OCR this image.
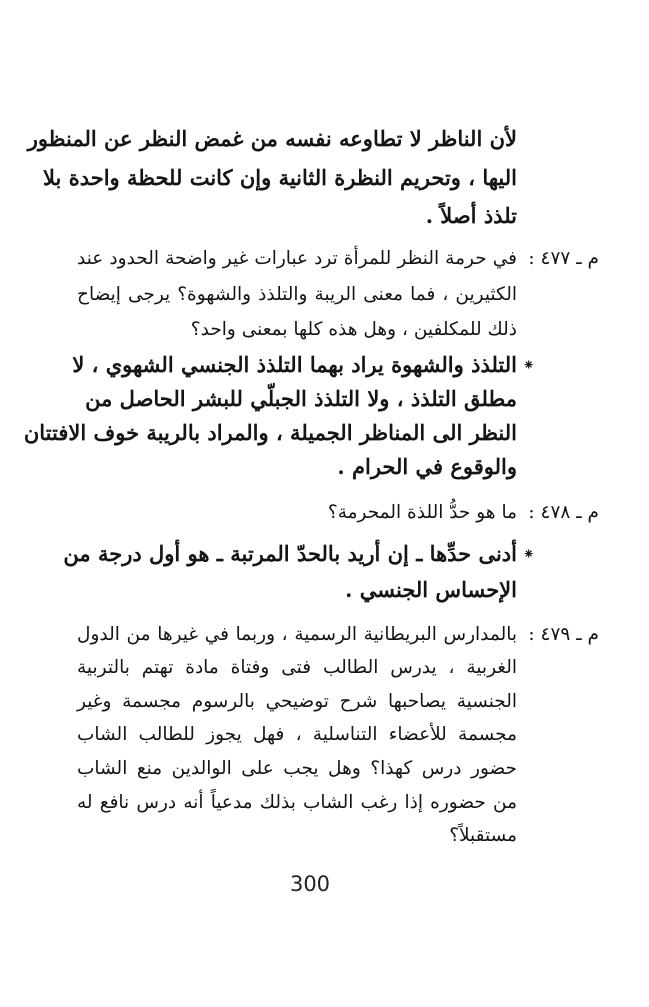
لأن الناظر لا تطاوعه نفسه من غمض النظر عن المنظور
اليها ، وتحريم النظرة الثانية وإن كانت للحظة واحدة بلا
تلذذ أصلاً .
م ـ ٤٧٧ :
في حرمة النظر للمرأة ترد عبارات غير واضحة الحدود عند
الكثيرين ، فما معنى الريبة والتلذذ والشهوة؟ يرجى إيضاح
ذلك للمكلفين ، وهل هذه كلها بمعنى واحد؟
⁕
التلذذ والشهوة يراد بهما التلذذ الجنسي الشهوي ، لا
مطلق التلذذ ، ولا التلذذ الجبلّي للبشر الحاصل من
النظر الى المناظر الجميلة ، والمراد بالريبة خوف الافتتان
والوقوع في الحرام .
م ـ ٤٧٨ :
ما هو حدُّ اللذة المحرمة؟
⁕
أدنى حدِّها ـ إن أريد بالحدّ المرتبة ـ هو أول درجة من
الإحساس الجنسي .
م ـ ٤٧٩ :
بالمدارس البريطانية الرسمية ، وربما في غيرها من الدول
الغربية ، يدرس الطالب فتى وفتاة مادة تهتم بالتربية
الجنسية يصاحبها شرح توضيحي بالرسوم مجسمة وغير
مجسمة للأعضاء التناسلية ، فهل يجوز للطالب الشاب
حضور درس كهذا؟ وهل يجب على الوالدين منع الشاب
من حضوره إذا رغب الشاب بذلك مدعياً أنه درس نافع له
مستقبلاً؟
300
